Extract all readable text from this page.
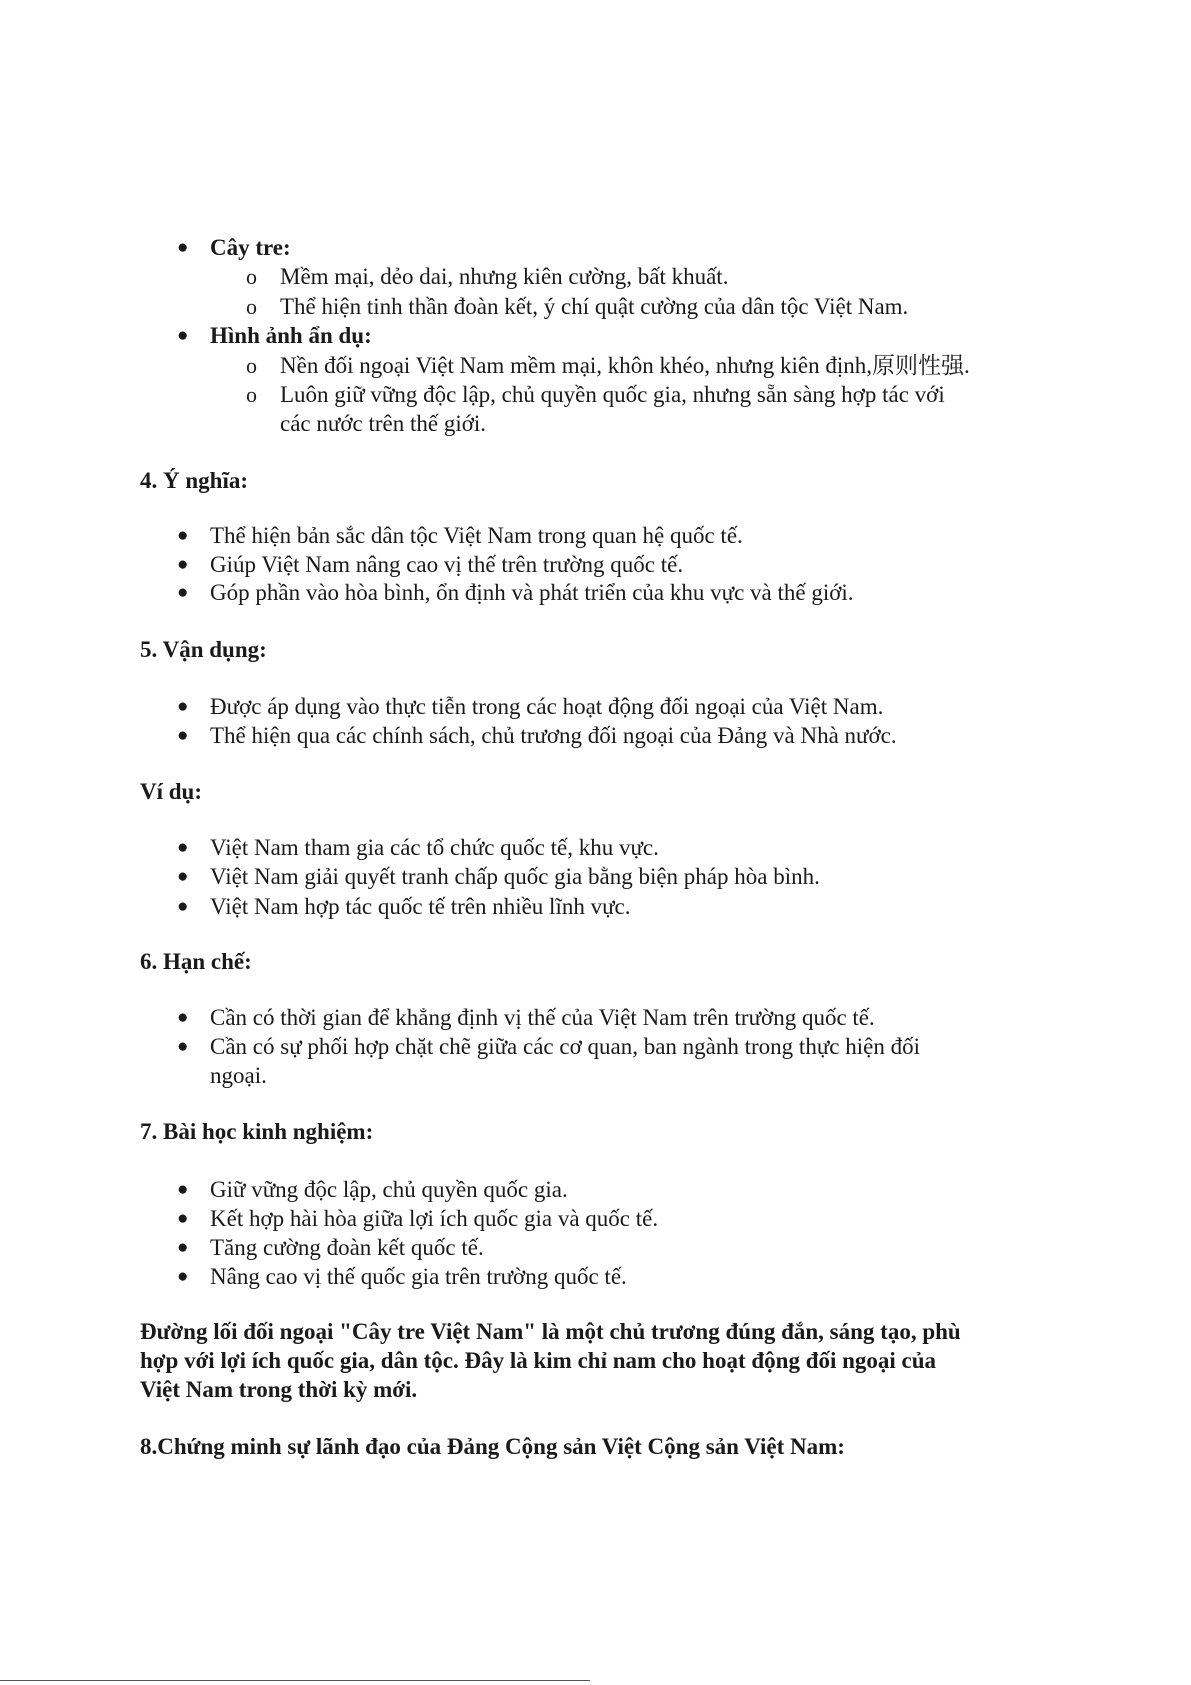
● Cây tre:
o Mềm mại, dẻo dai, nhưng kiên cường, bất khuất.
o Thể hiện tinh thần đoàn kết, ý chí quật cường của dân tộc Việt Nam.
● Hình ảnh ẩn dụ:
o Nền đối ngoại Việt Nam mềm mại, khôn khéo, nhưng kiên định,原则性强.
o Luôn giữ vững độc lập, chủ quyền quốc gia, nhưng sẵn sàng hợp tác với
các nước trên thế giới.
4. Ý nghĩa:
● Thể hiện bản sắc dân tộc Việt Nam trong quan hệ quốc tế.
● Giúp Việt Nam nâng cao vị thế trên trường quốc tế.
● Góp phần vào hòa bình, ổn định và phát triển của khu vực và thế giới.
5. Vận dụng:
● Được áp dụng vào thực tiễn trong các hoạt động đối ngoại của Việt Nam.
● Thể hiện qua các chính sách, chủ trương đối ngoại của Đảng và Nhà nước.
Ví dụ:
● Việt Nam tham gia các tổ chức quốc tế, khu vực.
● Việt Nam giải quyết tranh chấp quốc gia bằng biện pháp hòa bình.
● Việt Nam hợp tác quốc tế trên nhiều lĩnh vực.
6. Hạn chế:
● Cần có thời gian để khẳng định vị thế của Việt Nam trên trường quốc tế.
● Cần có sự phối hợp chặt chẽ giữa các cơ quan, ban ngành trong thực hiện đối
ngoại.
7. Bài học kinh nghiệm:
● Giữ vững độc lập, chủ quyền quốc gia.
● Kết hợp hài hòa giữa lợi ích quốc gia và quốc tế.
● Tăng cường đoàn kết quốc tế.
● Nâng cao vị thế quốc gia trên trường quốc tế.
Đường lối đối ngoại "Cây tre Việt Nam" là một chủ trương đúng đắn, sáng tạo, phù
hợp với lợi ích quốc gia, dân tộc. Đây là kim chỉ nam cho hoạt động đối ngoại của
Việt Nam trong thời kỳ mới.
8.Chứng minh sự lãnh đạo của Đảng Cộng sản Việt Cộng sản Việt Nam:
